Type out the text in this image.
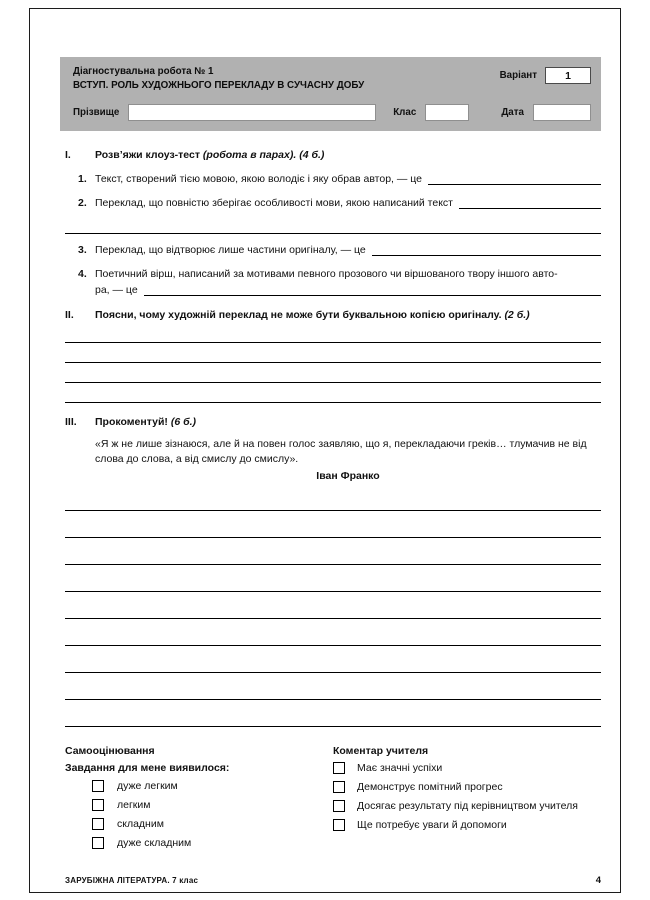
Діагностувальна робота № 1
ВСТУП. РОЛЬ ХУДОЖНЬОГО ПЕРЕКЛАДУ В СУЧАСНУ ДОБУ
Варіант	1
Прізвище	Клас	Дата
I.	Розв’яжи клоуз-тест (робота в парах). (4 б.)
1. Текст, створений тією мовою, якою володіє і яку обрав автор, — це
2. Переклад, що повністю зберігає особливості мови, якою написаний текст
3. Переклад, що відтворює лише частини оригіналу, — це
4. Поетичний вірш, написаний за мотивами певного прозового чи віршованого твору іншого авто-
ра, — це
II.	Поясни, чому художній переклад не може бути буквальною копією оригіналу. (2 б.)
III.	Прокоментуй! (6 б.)
«Я ж не лише зізнаюся, але й на повен голос заявляю, що я, перекладаючи греків… тлумачив не від слова до слова, а від смислу до смислу».
Іван Франко
Самооцінювання
Завдання для мене виявилося:
дуже легким
легким
складним
дуже складним
Коментар учителя
Має значні успіхи
Демонструє помітний прогрес
Досягає результату під керівництвом учителя
Ще потребує уваги й допомоги
ЗАРУБІЖНА ЛІТЕРАТУРА. 7 клас	4
